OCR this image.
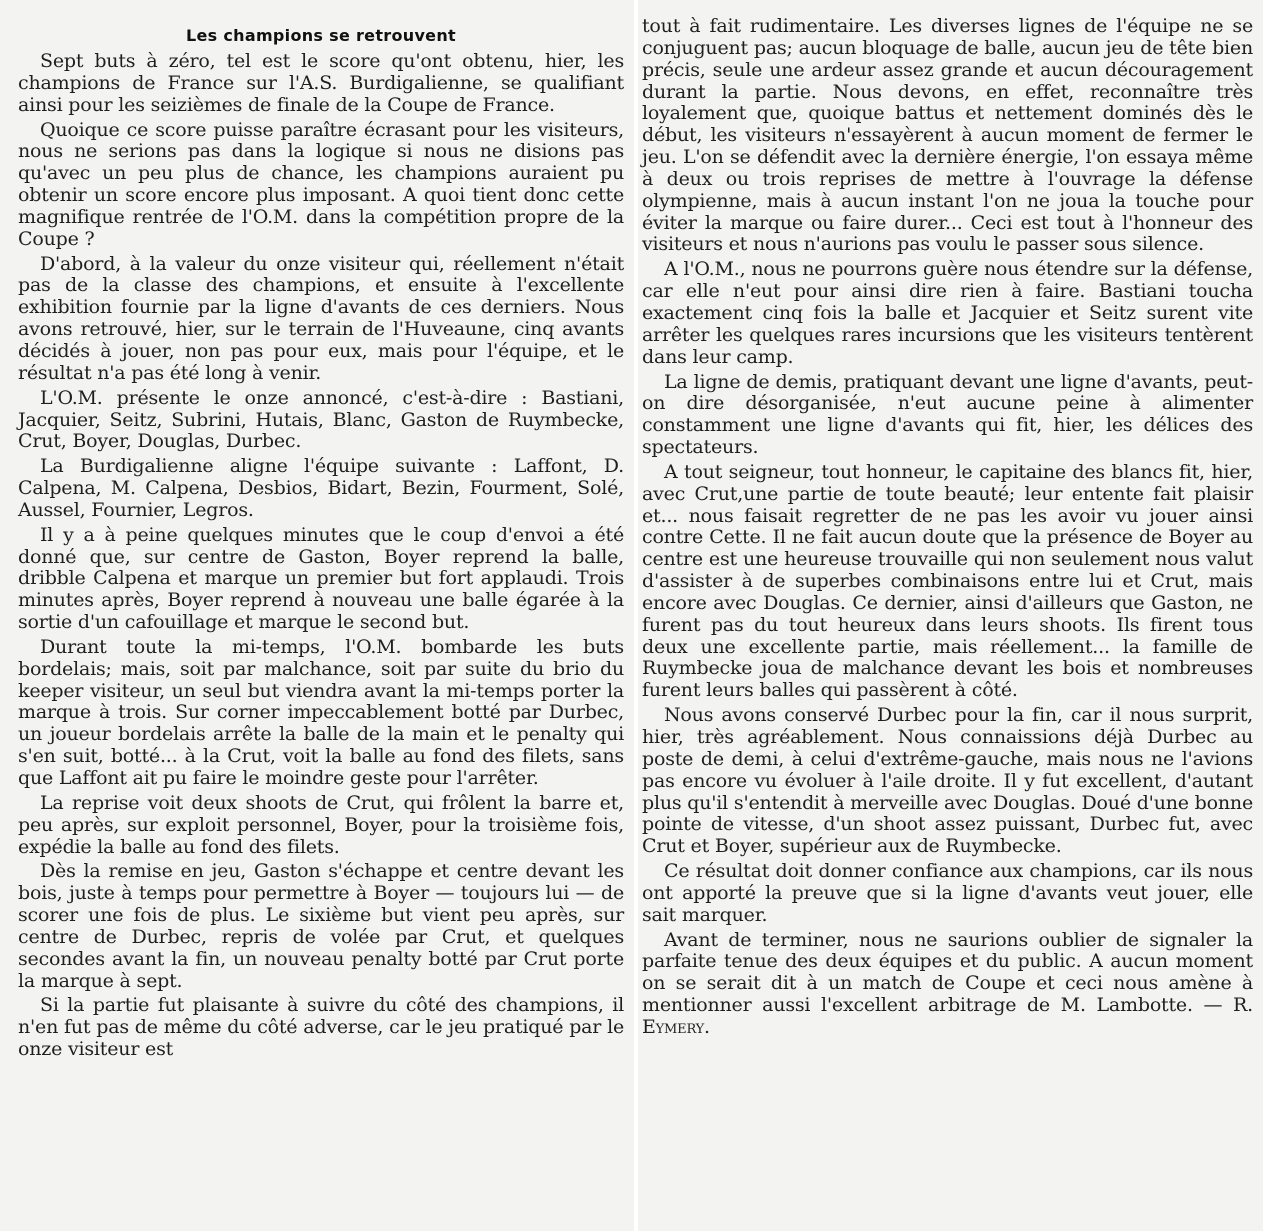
Les champions se retrouvent

Sept buts à zéro, tel est le score qu'ont obtenu, hier, les champions de France sur l'A.S. Burdigalienne, se qualifiant ainsi pour les seizièmes de finale de la Coupe de France.

Quoique ce score puisse paraître écrasant pour les visiteurs, nous ne serions pas dans la logique si nous ne disions pas qu'avec un peu plus de chance, les champions auraient pu obtenir un score encore plus imposant. A quoi tient donc cette magnifique rentrée de l'O.M. dans la compétition propre de la Coupe ?

D'abord, à la valeur du onze visiteur qui, réellement n'était pas de la classe des champions, et ensuite à l'excellente exhibition fournie par la ligne d'avants de ces derniers. Nous avons retrouvé, hier, sur le terrain de l'Huveaune, cinq avants décidés à jouer, non pas pour eux, mais pour l'équipe, et le résultat n'a pas été long à venir.

L'O.M. présente le onze annoncé, c'est-à-dire : Bastiani, Jacquier, Seitz, Subrini, Hutais, Blanc, Gaston de Ruymbecke, Crut, Boyer, Douglas, Durbec.

La Burdigalienne aligne l'équipe suivante : Laffont, D. Calpena, M. Calpena, Desbios, Bidart, Bezin, Fourment, Solé, Aussel, Fournier, Legros.

Il y a à peine quelques minutes que le coup d'envoi a été donné que, sur centre de Gaston, Boyer reprend la balle, dribble Calpena et marque un premier but fort applaudi. Trois minutes après, Boyer reprend à nouveau une balle égarée à la sortie d'un cafouillage et marque le second but.

Durant toute la mi-temps, l'O.M. bombarde les buts bordelais; mais, soit par malchance, soit par suite du brio du keeper visiteur, un seul but viendra avant la mi-temps porter la marque à trois. Sur corner impeccablement botté par Durbec, un joueur bordelais arrête la balle de la main et le penalty qui s'en suit, botté... à la Crut, voit la balle au fond des filets, sans que Laffont ait pu faire le moindre geste pour l'arrêter.

La reprise voit deux shoots de Crut, qui frôlent la barre et, peu après, sur exploit personnel, Boyer, pour la troisième fois, expédie la balle au fond des filets.

Dès la remise en jeu, Gaston s'échappe et centre devant les bois, juste à temps pour permettre à Boyer — toujours lui — de scorer une fois de plus. Le sixième but vient peu après, sur centre de Durbec, repris de volée par Crut, et quelques secondes avant la fin, un nouveau penalty botté par Crut porte la marque à sept.

Si la partie fut plaisante à suivre du côté des champions, il n'en fut pas de même du côté adverse, car le jeu pratiqué par le onze visiteur est

tout à fait rudimentaire. Les diverses lignes de l'équipe ne se conjuguent pas; aucun bloquage de balle, aucun jeu de tête bien précis, seule une ardeur assez grande et aucun découragement durant la partie. Nous devons, en effet, reconnaître très loyalement que, quoique battus et nettement dominés dès le début, les visiteurs n'essayèrent à aucun moment de fermer le jeu. L'on se défendit avec la dernière énergie, l'on essaya même à deux ou trois reprises de mettre à l'ouvrage la défense olympienne, mais à aucun instant l'on ne joua la touche pour éviter la marque ou faire durer... Ceci est tout à l'honneur des visiteurs et nous n'aurions pas voulu le passer sous silence.

A l'O.M., nous ne pourrons guère nous étendre sur la défense, car elle n'eut pour ainsi dire rien à faire. Bastiani toucha exactement cinq fois la balle et Jacquier et Seitz surent vite arrêter les quelques rares incursions que les visiteurs tentèrent dans leur camp.

La ligne de demis, pratiquant devant une ligne d'avants, peut-on dire désorganisée, n'eut aucune peine à alimenter constamment une ligne d'avants qui fit, hier, les délices des spectateurs.

A tout seigneur, tout honneur, le capitaine des blancs fit, hier, avec Crut,une partie de toute beauté; leur entente fait plaisir et... nous faisait regretter de ne pas les avoir vu jouer ainsi contre Cette. Il ne fait aucun doute que la présence de Boyer au centre est une heureuse trouvaille qui non seulement nous valut d'assister à de superbes combinaisons entre lui et Crut, mais encore avec Douglas. Ce dernier, ainsi d'ailleurs que Gaston, ne furent pas du tout heureux dans leurs shoots. Ils firent tous deux une excellente partie, mais réellement... la famille de Ruymbecke joua de malchance devant les bois et nombreuses furent leurs balles qui passèrent à côté.

Nous avons conservé Durbec pour la fin, car il nous surprit, hier, très agréablement. Nous connaissions déjà Durbec au poste de demi, à celui d'extrême-gauche, mais nous ne l'avions pas encore vu évoluer à l'aile droite. Il y fut excellent, d'autant plus qu'il s'entendit à merveille avec Douglas. Doué d'une bonne pointe de vitesse, d'un shoot assez puissant, Durbec fut, avec Crut et Boyer, supérieur aux de Ruymbecke.

Ce résultat doit donner confiance aux champions, car ils nous ont apporté la preuve que si la ligne d'avants veut jouer, elle sait marquer.

Avant de terminer, nous ne saurions oublier de signaler la parfaite tenue des deux équipes et du public. A aucun moment on se serait dit à un match de Coupe et ceci nous amène à mentionner aussi l'excellent arbitrage de M. Lambotte. — R. Eymery.
